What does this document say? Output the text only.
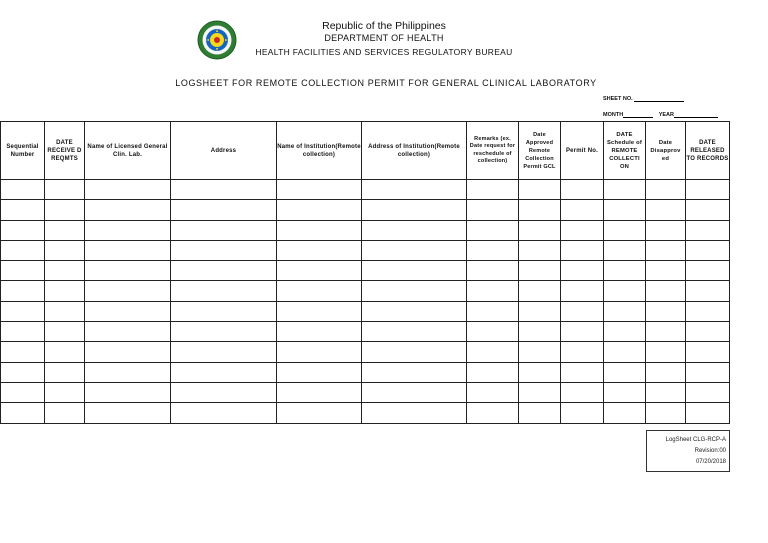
Republic of the Philippines
DEPARTMENT OF HEALTH
HEALTH FACILITIES AND SERVICES REGULATORY BUREAU
LOGSHEET FOR REMOTE COLLECTION PERMIT FOR GENERAL CLINICAL LABORATORY
SHEET NO.
MONTH	YEAR
Sequential Number	DATE RECEIVE D REQMTS	Name of Licensed General Clin. Lab.	Address	Name of Institution(Remote collection)	Address of Institution(Remote collection)	Remarks (ex. Date request for reschedule of collection)	Date Approved Remote Collection Permit GCL	Permit No.	DATE Schedule of REMOTE COLLECTI ON	Date Disapprov ed	DATE RELEASED TO RECORDS

LogSheet CLG-RCP-A
Revision:00
07/20/2018
